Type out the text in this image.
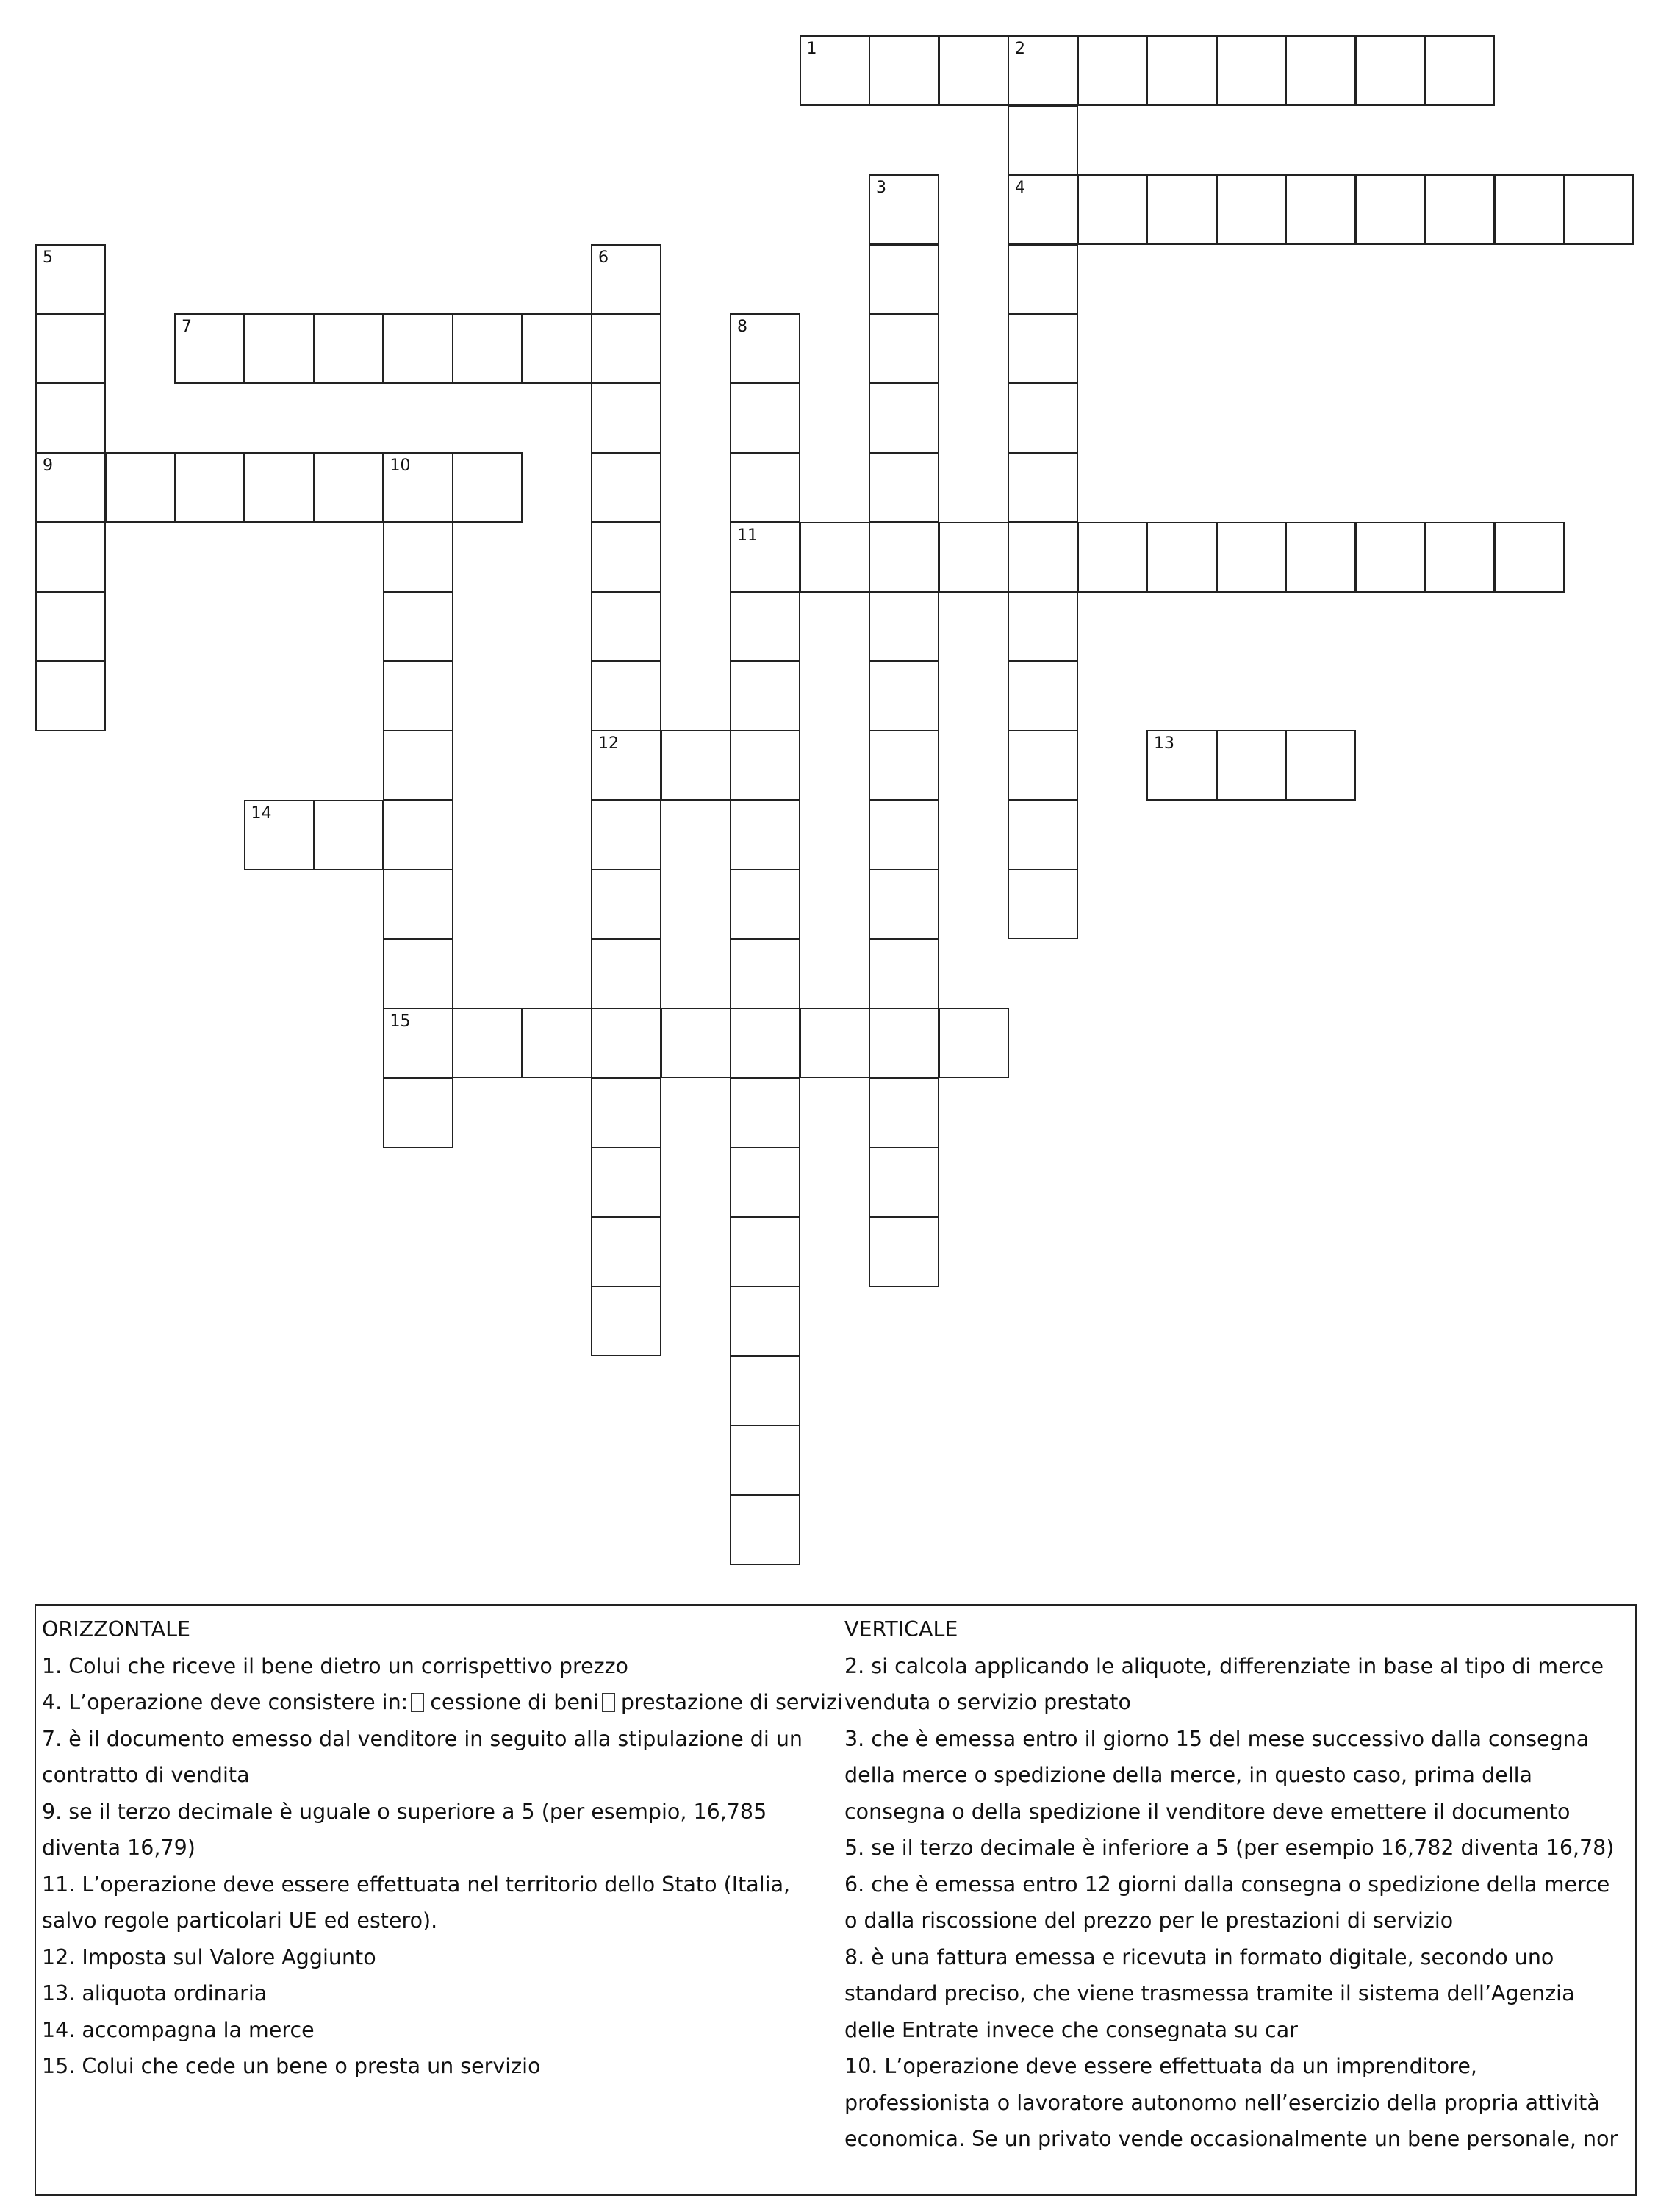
1	2
4
3
5
9
6
12
7	8
11
10
15
13
14

ORIZZONTALE

1. Colui che riceve il bene dietro un corrispettivo prezzo

4. L’operazione deve consistere in: cessione di beni prestazione di servizi

7. è il documento emesso dal venditore in seguito alla stipulazione di un contratto di vendita

9. se il terzo decimale è uguale o superiore a 5 (per esempio, 16,785 diventa 16,79)

11. L’operazione deve essere effettuata nel territorio dello Stato (Italia, salvo regole particolari UE ed estero).

12. Imposta sul Valore Aggiunto

13. aliquota ordinaria

14. accompagna la merce

15. Colui che cede un bene o presta un servizio

VERTICALE

2. si calcola applicando le aliquote, differenziate in base al tipo di merce venduta o servizio prestato

3. che è emessa entro il giorno 15 del mese successivo dalla consegna della merce o spedizione della merce, in questo caso, prima della consegna o della spedizione il venditore deve emettere il documento

5. se il terzo decimale è inferiore a 5 (per esempio 16,782 diventa 16,78)

6. che è emessa entro 12 giorni dalla consegna o spedizione della merce o dalla riscossione del prezzo per le prestazioni di servizio

8. è una fattura emessa e ricevuta in formato digitale, secondo uno standard preciso, che viene trasmessa tramite il sistema dell’Agenzia delle Entrate invece che consegnata su car

10. L’operazione deve essere effettuata da un imprenditore, professionista o lavoratore autonomo nell’esercizio della propria attività economica. Se un privato vende occasionalmente un bene personale, nor
